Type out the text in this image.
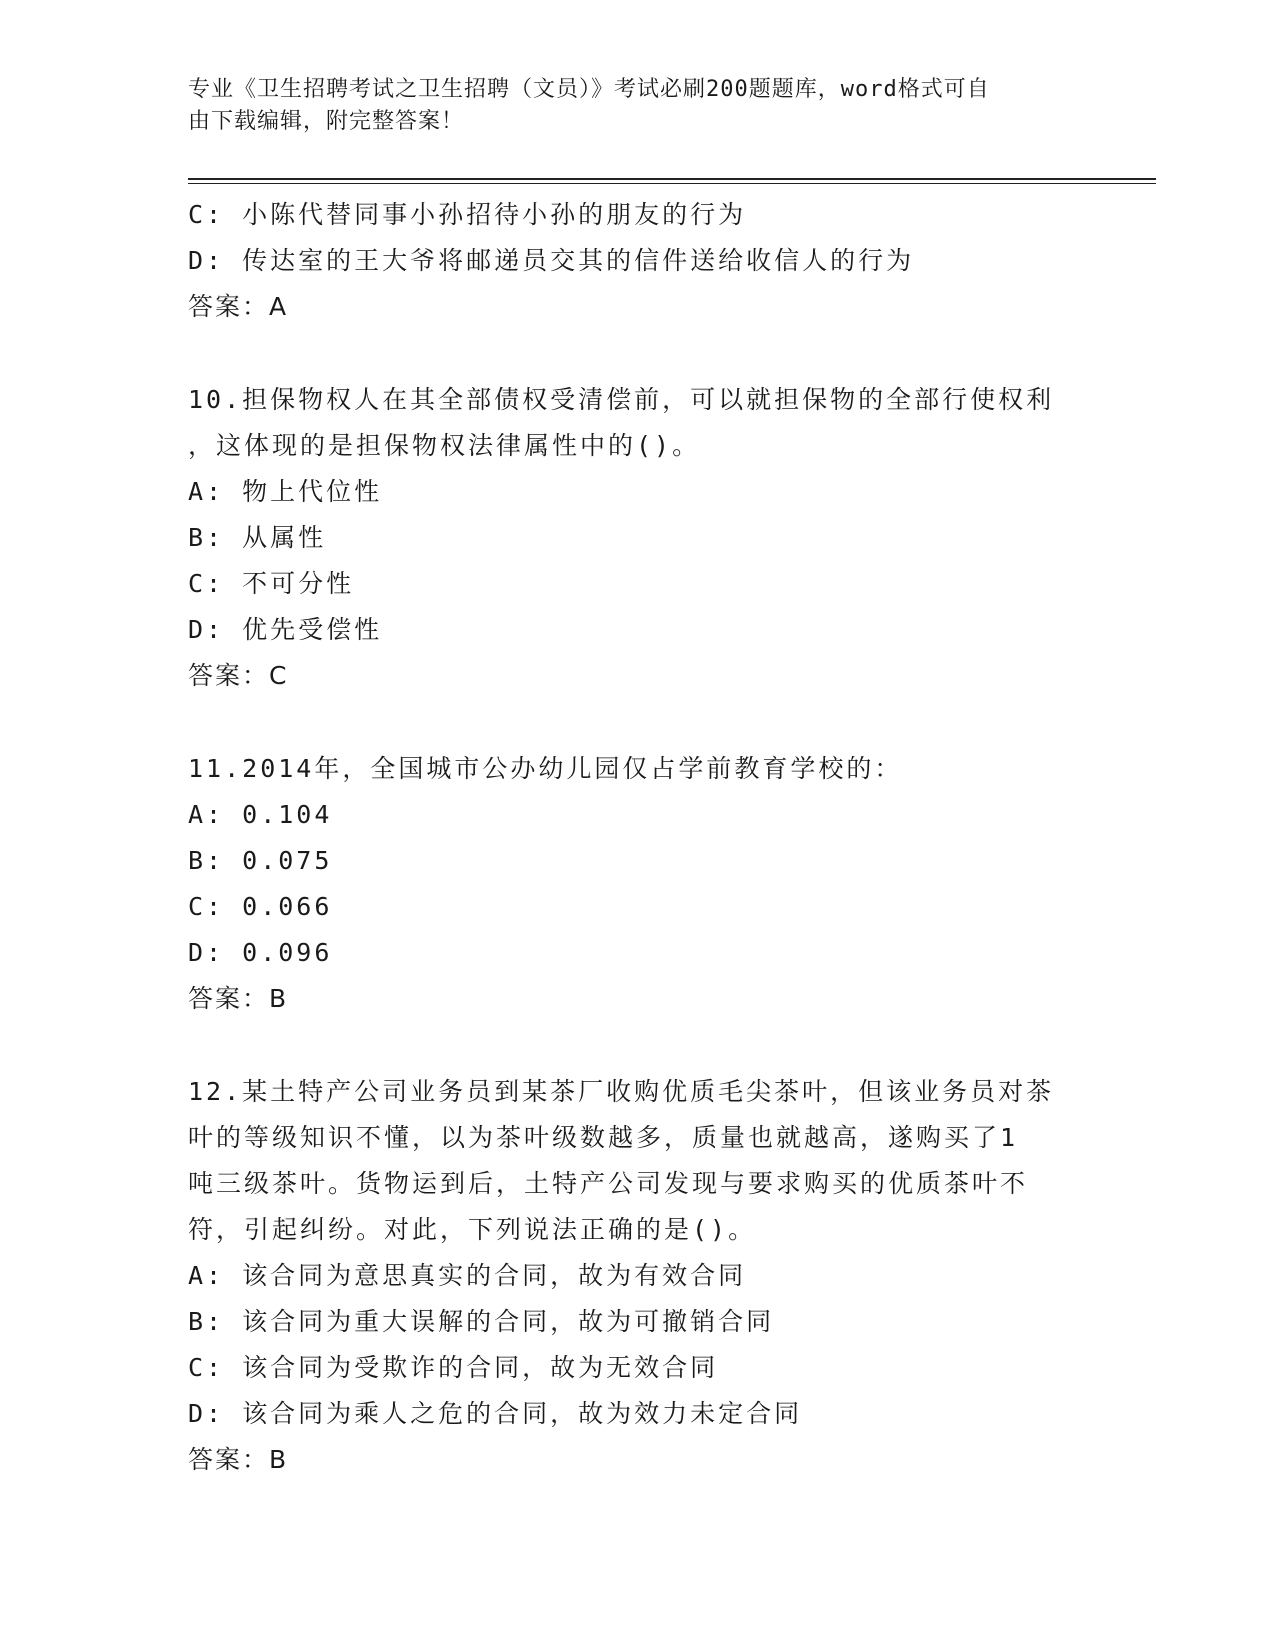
专业《卫生招聘考试之卫生招聘（文员）》考试必刷200题题库，word格式可自
由下载编辑，附完整答案！
C: 小陈代替同事小孙招待小孙的朋友的行为
D: 传达室的王大爷将邮递员交其的信件送给收信人的行为
答案：A
10.担保物权人在其全部债权受清偿前，可以就担保物的全部行使权利
，这体现的是担保物权法律属性中的()。
A: 物上代位性
B: 从属性
C: 不可分性
D: 优先受偿性
答案：C
11.2014年，全国城市公办幼儿园仅占学前教育学校的：
A: 0.104
B: 0.075
C: 0.066
D: 0.096
答案：B
12.某土特产公司业务员到某茶厂收购优质毛尖茶叶，但该业务员对茶
叶的等级知识不懂，以为茶叶级数越多，质量也就越高，遂购买了1
吨三级茶叶。货物运到后，土特产公司发现与要求购买的优质茶叶不
符，引起纠纷。对此，下列说法正确的是()。
A: 该合同为意思真实的合同，故为有效合同
B: 该合同为重大误解的合同，故为可撤销合同
C: 该合同为受欺诈的合同，故为无效合同
D: 该合同为乘人之危的合同，故为效力未定合同
答案：B
